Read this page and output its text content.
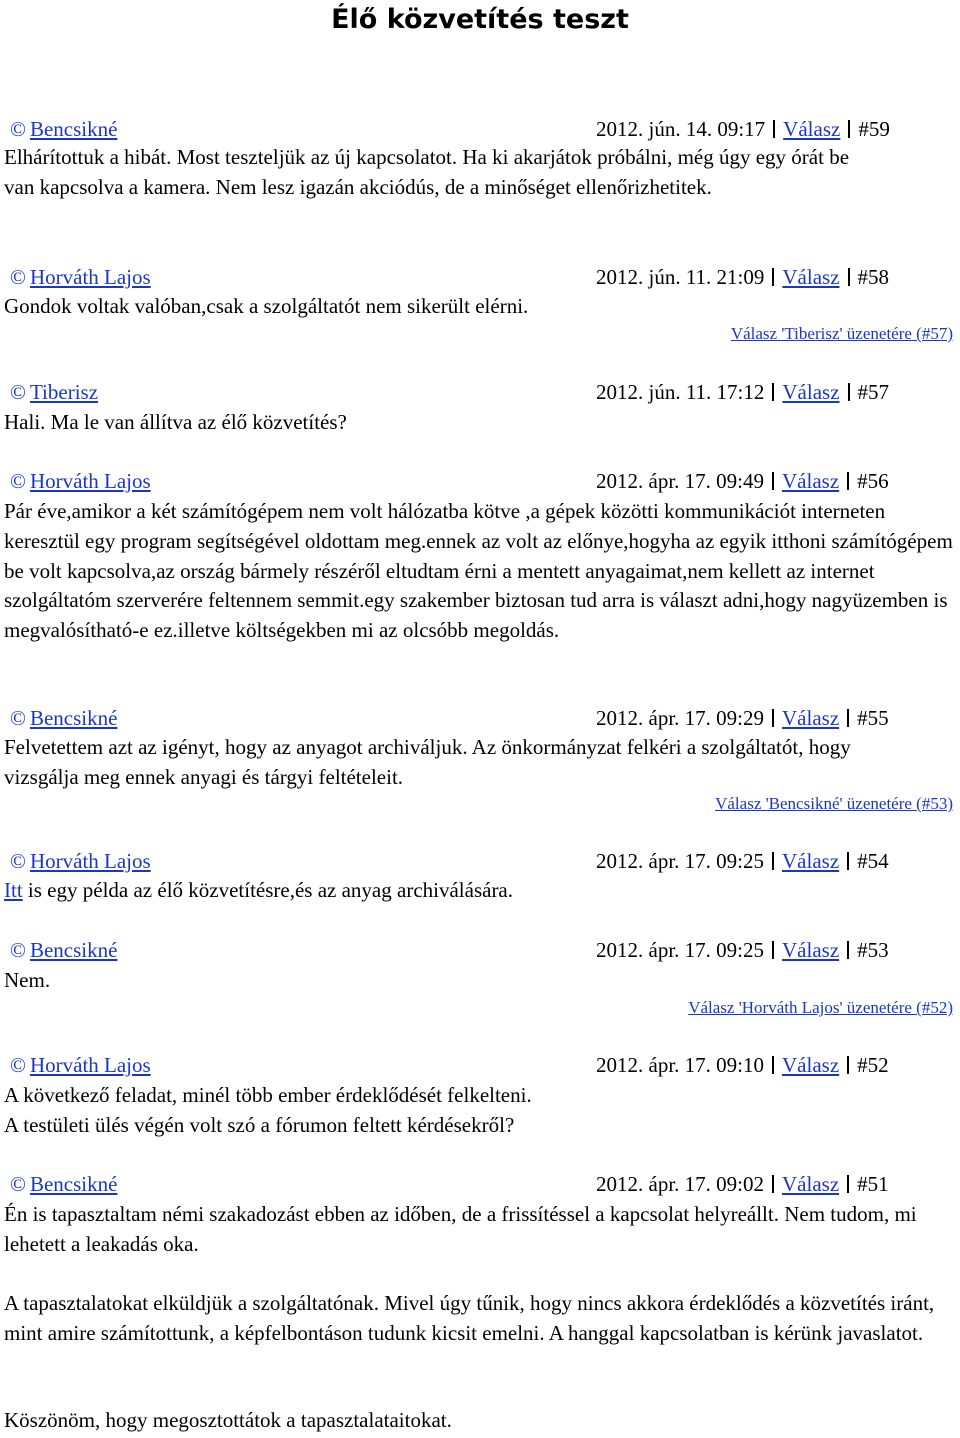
Élő közvetítés teszt
© Bencsikné	2012. jún. 14. 09:17 Válasz #59

Elhárítottuk a hibát. Most teszteljük az új kapcsolatot. Ha ki akarjátok próbálni, még úgy egy órát be van kapcsolva a kamera. Nem lesz igazán akciódús, de a minőséget ellenőrizhetitek.

© Horváth Lajos	2012. jún. 11. 21:09 Válasz #58

Gondok voltak valóban,csak a szolgáltatót nem sikerült elérni.

Válasz 'Tiberisz' üzenetére (#57)
© Tiberisz	2012. jún. 11. 17:12 Válasz #57

Hali. Ma le van állítva az élő közvetítés?

© Horváth Lajos	2012. ápr. 17. 09:49 Válasz #56

Pár éve,amikor a két számítógépem nem volt hálózatba kötve ,a gépek közötti kommunikációt interneten keresztül egy program segítségével oldottam meg.ennek az volt az előnye,hogyha az egyik itthoni számítógépem be volt kapcsolva,az ország bármely részéről eltudtam érni a mentett anyagaimat,nem kellett az internet szolgáltatóm szerverére feltennem semmit.egy szakember biztosan tud arra is választ adni,hogy nagyüzemben is megvalósítható-e ez.illetve költségekben mi az olcsóbb megoldás.

© Bencsikné	2012. ápr. 17. 09:29 Válasz #55

Felvetettem azt az igényt, hogy az anyagot archiváljuk. Az önkormányzat felkéri a szolgáltatót, hogy vizsgálja meg ennek anyagi és tárgyi feltételeit.

Válasz 'Bencsikné' üzenetére (#53)
© Horváth Lajos	2012. ápr. 17. 09:25 Válasz #54

Itt is egy példa az élő közvetítésre,és az anyag archiválására.

© Bencsikné	2012. ápr. 17. 09:25 Válasz #53

Nem.

Válasz 'Horváth Lajos' üzenetére (#52)
© Horváth Lajos	2012. ápr. 17. 09:10 Válasz #52

A következő feladat, minél több ember érdeklődését felkelteni.

A testületi ülés végén volt szó a fórumon feltett kérdésekről?

© Bencsikné	2012. ápr. 17. 09:02 Válasz #51

Én is tapasztaltam némi szakadozást ebben az időben, de a frissítéssel a kapcsolat helyreállt. Nem tudom, mi lehetett a leakadás oka.

A tapasztalatokat elküldjük a szolgáltatónak. Mivel úgy tűnik, hogy nincs akkora érdeklődés a közvetítés iránt, mint amire számítottunk, a képfelbontáson tudunk kicsit emelni. A hanggal kapcsolatban is kérünk javaslatot.

Köszönöm, hogy megosztottátok a tapasztalataitokat.
